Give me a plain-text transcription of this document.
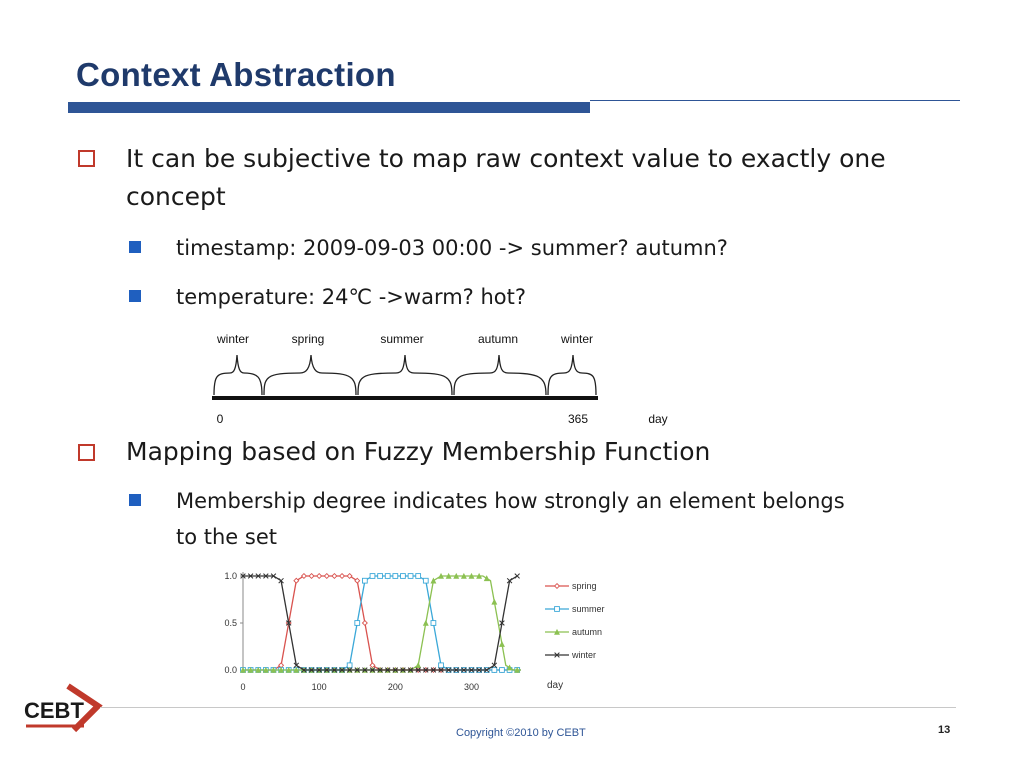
Context Abstraction
It can be subjective to map raw context value to exactly one
concept
timestamp: 2009-09-03 00:00 -> summer? autumn?
temperature: 24℃ ->warm? hot?
winter	spring	summer	autumn	winter
0	365	day
Mapping based on Fuzzy Membership Function
Membership degree indicates how strongly an element belongs
to the set
0.0
0.5
1.0
0	100	200	300
spring
summer
autumn
winter
day
CEBT
Copyright ©2010 by CEBT	13
